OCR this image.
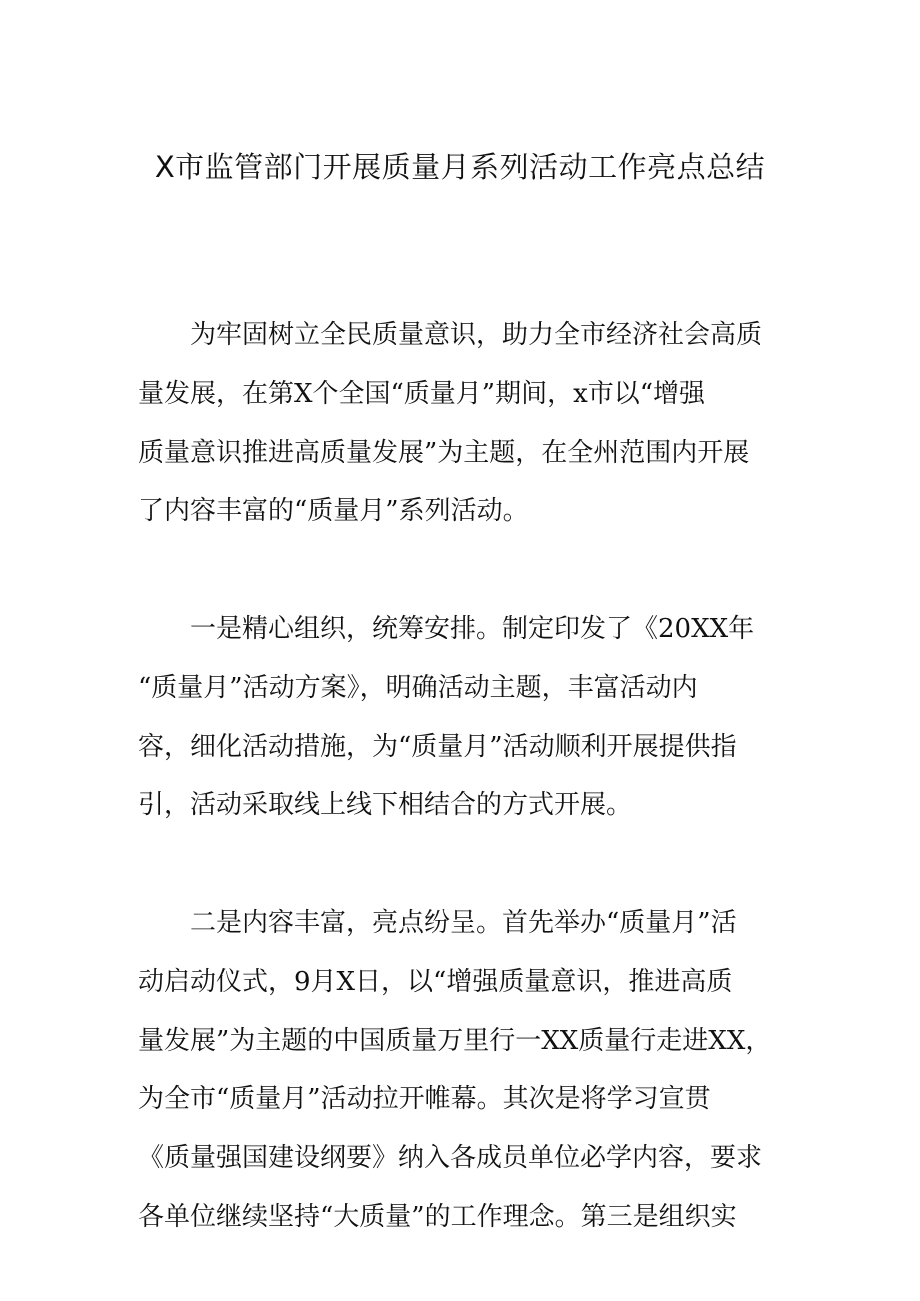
X市监管部门开展质量月系列活动工作亮点总结
为牢固树立全民质量意识，助力全市经济社会高质
量发展，在第X个全国“质量月”期间，x市以“增强
质量意识推进高质量发展”为主题，在全州范围内开展
了内容丰富的“质量月”系列活动。
一是精心组织，统筹安排。制定印发了《20XX年
“质量月”活动方案》，明确活动主题，丰富活动内
容，细化活动措施，为“质量月”活动顺利开展提供指
引，活动采取线上线下相结合的方式开展。
二是内容丰富，亮点纷呈。首先举办“质量月”活
动启动仪式，9月X日，以“增强质量意识，推进高质
量发展”为主题的中国质量万里行一XX质量行走进XX，
为全市“质量月”活动拉开帷幕。其次是将学习宣贯
《质量强国建设纲要》纳入各成员单位必学内容，要求
各单位继续坚持“大质量”的工作理念。第三是组织实
